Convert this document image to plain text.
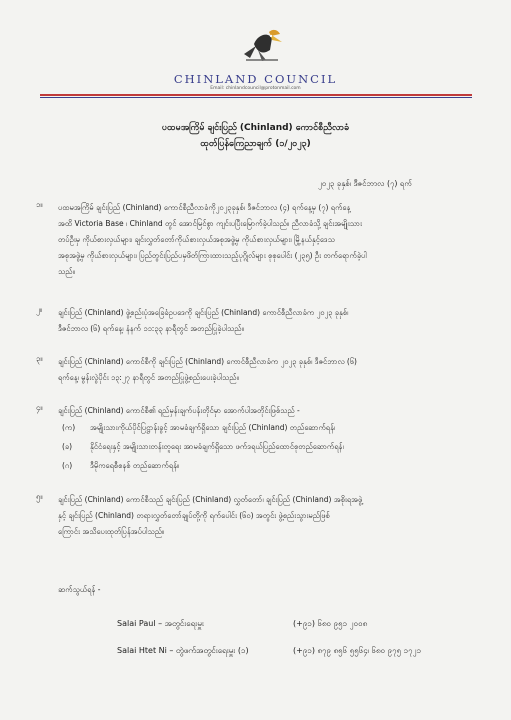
CHINLAND COUNCIL
Email: chinlandcouncil@protonmail.com
ပထမအကြိမ် ချင်းပြည် (Chinland) ကောင်စီညီလာခံ
ထုတ်ပြန်ကြေညာချက် (၁/၂၀၂၃)
၂၀၂၃ ခုနှစ်၊ ဒီဇင်ဘာလ (၇) ရက်
၁။ ပထမအကြိမ် ချင်းပြည် (Chinland) ကောင်စီညီလာခံကို၂၀၂၃ခုနှစ်၊ ဒီဇင်ဘာလ (၄) ရက်နေ့မှ (၇) ရက်နေ့
အထိ Victoria Base ၊ Chinland တွင် အောင်မြင်စွာ ကျင်းပပြီးမြောက်ခဲ့ပါသည်။ ညီလာခံသို့ ချင်းအမျိုးသား
တပ်ဦးမှ ကိုယ်စားလှယ်များ၊ ချင်းလွှတ်တော်ကိုယ်စားလှယ်အစုအဖွဲ့မှ ကိုယ်စားလှယ်များ၊ မြို့နယ်နှင့်ဒေသ
အစုအဖွဲ့မှ ကိုယ်စားလှယ်များ၊ ပြည်တွင်းပြည်ပမှဖိတ်ကြားထားသည့်ပုဂ္ဂိုလ်များ စုစုပေါင်း (၂၃၅) ဦး တက်ရောက်ခဲ့ပါ
သည်။
၂။ ချင်းပြည် (Chinland) ဖွဲ့စည်းပုံအခြေခံဥပဒေကို ချင်းပြည် (Chinland) ကောင်စီညီလာခံက ၂၀၂၃ ခုနှစ်၊
ဒီဇင်ဘာလ (၆) ရက်နေ့၊ နံနက် ၁၁:၃၃ နာရီတွင် အတည်ပြုခဲ့ပါသည်။
၃။ ချင်းပြည် (Chinland) ကောင်စီကို ချင်းပြည် (Chinland) ကောင်စီညီလာခံက ၂၀၂၃ ခုနှစ်၊ ဒီဇင်ဘာလ (၆)
ရက်နေ့၊ မွန်းလွဲပိုင်း ၁၃:၂၇ နာရီတွင် အတည်ပြုဖွဲ့စည်းပေးခဲ့ပါသည်။
၄။ ချင်းပြည် (Chinland) ကောင်စီ၏ ရည်မှန်းချက်ပန်းတိုင်မှာ အောက်ပါအတိုင်းဖြစ်သည် -
(က) အမျိုးသားကိုယ်ပိုင်ပြဋ္ဌာန်းခွင့် အာမခံချက်ရှိသော ချင်းပြည် (Chinland) တည်ဆောက်ရန်၊
(ခ) နိုင်ငံရေးနှင့် အမျိုးသားတန်းတူရေး အာမခံချက်ရှိသော ဖက်ဒရယ်ပြည်ထောင်စုတည်ဆောက်ရန်၊
(ဂ) ဒီမိုကရေစီစနစ် တည်ဆောက်ရန်။
၅။ ချင်းပြည် (Chinland) ကောင်စီသည် ချင်းပြည် (Chinland) လွှတ်တော်၊ ချင်းပြည် (Chinland) အစိုးရအဖွဲ့
နှင့် ချင်းပြည် (Chinland) တရားလွှတ်တော်ချုပ်တို့ကို ရက်ပေါင်း (၆၀) အတွင်း ဖွဲ့စည်းသွားမည်ဖြစ်
ကြောင်း အသိပေးထုတ်ပြန်အပ်ပါသည်။
ဆက်သွယ်ရန် -
Salai Paul – အတွင်းရေးမှူး	(+၉၁) ၆၈၀ ၉၅၁ ၂၀၀၈
Salai Htet Ni – တွဲဖက်အတွင်းရေးမှူး (၁)	(+၉၁) ၈၇၉ ၈၅၆ ၅၅၆၄၊ ၆၈၀ ၉၇၅ ၁၇၂၁
